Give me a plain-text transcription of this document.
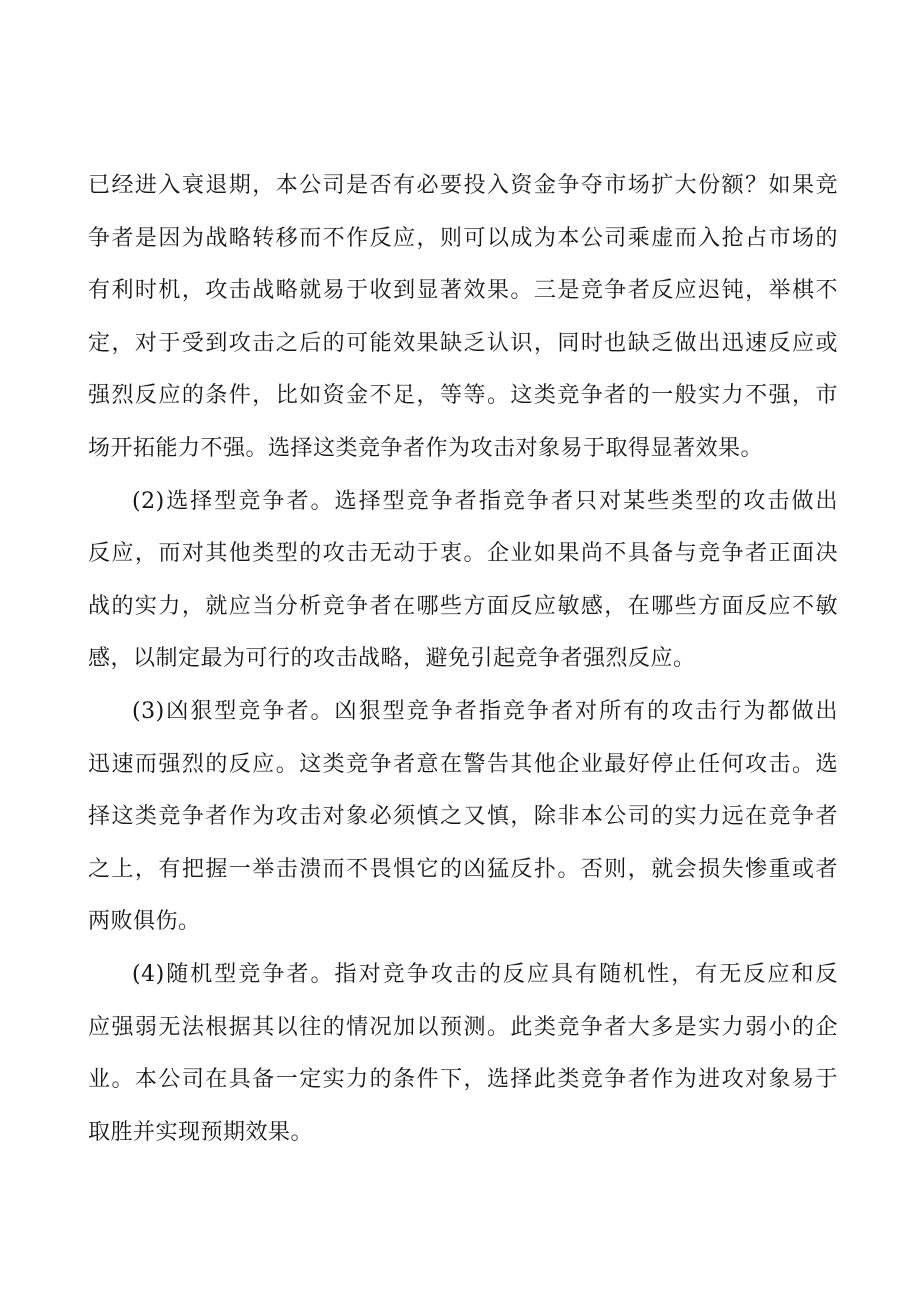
已经进入衰退期，本公司是否有必要投入资金争夺市场扩大份额？如果竞
争者是因为战略转移而不作反应，则可以成为本公司乘虚而入抢占市场的
有利时机，攻击战略就易于收到显著效果。三是竞争者反应迟钝，举棋不
定，对于受到攻击之后的可能效果缺乏认识，同时也缺乏做出迅速反应或
强烈反应的条件，比如资金不足，等等。这类竞争者的一般实力不强，市
场开拓能力不强。选择这类竞争者作为攻击对象易于取得显著效果。
(2)选择型竞争者。选择型竞争者指竞争者只对某些类型的攻击做出
反应，而对其他类型的攻击无动于衷。企业如果尚不具备与竞争者正面决
战的实力，就应当分析竞争者在哪些方面反应敏感，在哪些方面反应不敏
感，以制定最为可行的攻击战略，避免引起竞争者强烈反应。
(3)凶狠型竞争者。凶狠型竞争者指竞争者对所有的攻击行为都做出
迅速而强烈的反应。这类竞争者意在警告其他企业最好停止任何攻击。选
择这类竞争者作为攻击对象必须慎之又慎，除非本公司的实力远在竞争者
之上，有把握一举击溃而不畏惧它的凶猛反扑。否则，就会损失惨重或者
两败俱伤。
(4)随机型竞争者。指对竞争攻击的反应具有随机性，有无反应和反
应强弱无法根据其以往的情况加以预测。此类竞争者大多是实力弱小的企
业。本公司在具备一定实力的条件下，选择此类竞争者作为进攻对象易于
取胜并实现预期效果。
